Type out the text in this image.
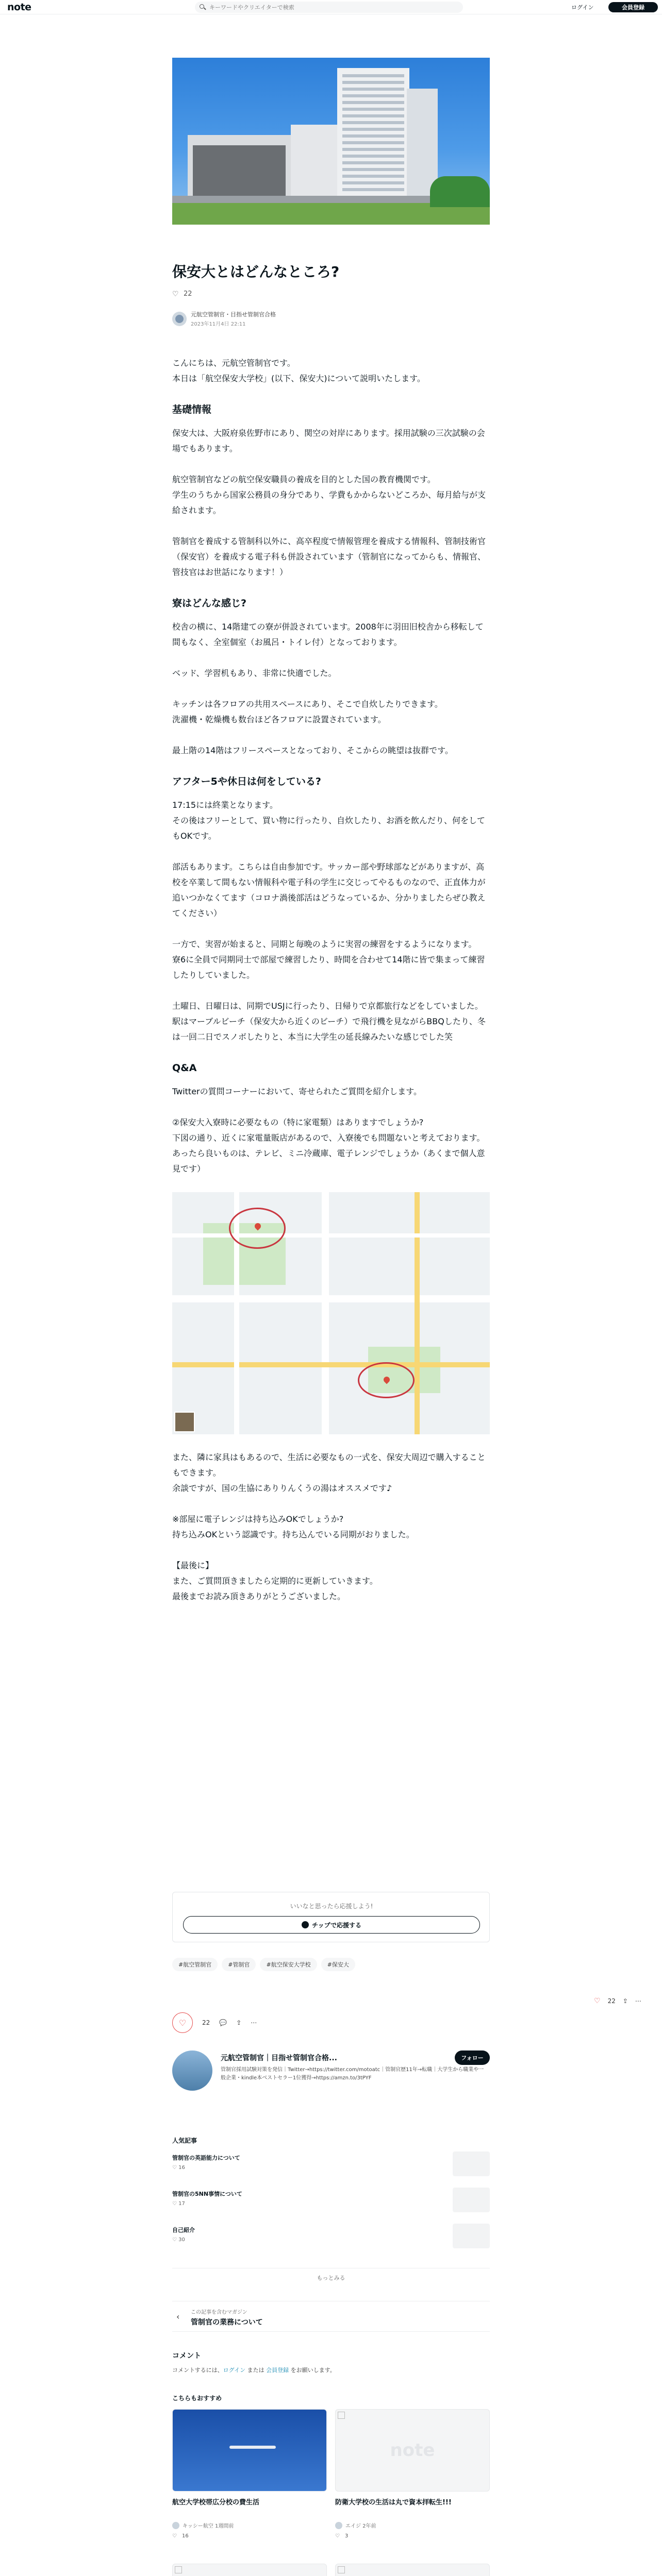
note
キーワードやクリエイターで検索	ログイン	会員登録
保安大とはどんなところ?
♡ 22
元航空管制官・目指せ管制官合格
2023年11月4日 22:11

こんにちは、元航空管制官です。
本日は「航空保安大学校」(以下、保安大)について説明いたします。

基礎情報

保安大は、大阪府泉佐野市にあり、関空の対岸にあります。採用試験の三次試験の会場でもあります。

航空管制官などの航空保安職員の養成を目的とした国の教育機関です。
学生のうちから国家公務員の身分であり、学費もかからないどころか、毎月給与が支給されます。

管制官を養成する管制科以外に、高卒程度で情報管理を養成する情報科、管制技術官（保安官）を養成する電子科も併設されています（管制官になってからも、情報官、管技官はお世話になります！）

寮はどんな感じ?

校舎の横に、14階建ての寮が併設されています。2008年に羽田旧校舎から移転して間もなく、全室個室（お風呂・トイレ付）となっております。

ベッド、学習机もあり、非常に快適でした。

キッチンは各フロアの共用スペースにあり、そこで自炊したりできます。
洗濯機・乾燥機も数台ほど各フロアに設置されています。

最上階の14階はフリースペースとなっており、そこからの眺望は抜群です。

アフター5や休日は何をしている?

17:15には終業となります。
その後はフリーとして、買い物に行ったり、自炊したり、お酒を飲んだり、何をしてもOKです。

部活もあります。こちらは自由参加です。サッカー部や野球部などがありますが、高校を卒業して間もない情報科や電子科の学生に交じってやるものなので、正直体力が追いつかなくてます（コロナ渦後部活はどうなっているか、分かりましたらぜひ教えてください）

一方で、実習が始まると、同期と毎晩のように実習の練習をするようになります。
寮6に全員で同期同士で部屋で練習したり、時間を合わせて14階に皆で集まって練習したりしていました。

土曜日、日曜日は、同期でUSJに行ったり、日帰りで京都旅行などをしていました。駅はマーブルビーチ（保安大から近くのビーチ）で飛行機を見ながらBBQしたり、冬は一回二日でスノボしたりと、本当に大学生の延長線みたいな感じでした笑

Q&A

Twitterの質問コーナーにおいて、寄せられたご質問を紹介します。

②保安大入寮時に必要なもの（特に家電類）はありますでしょうか?
下図の通り、近くに家電量販店があるので、入寮後でも問題ないと考えております。あったら良いものは、テレビ、ミニ冷蔵庫、電子レンジでしょうか（あくまで個人意見です）

また、隣に家具はもあるので、生活に必要なもの一式を、保安大周辺で購入することもできます。
余談ですが、国の生協にありりんくうの湯はオススメです♪

※部屋に電子レンジは持ち込みOKでしょうか?
持ち込みOKという認識です。持ち込んでいる同期がおりました。

【最後に】
また、ご質問頂きましたら定期的に更新していきます。
最後までお読み頂きありがとうございました。

いいなと思ったら応援しよう!
チップで応援する
#航空管制官	#管制官	#航空保安大学校	#保安大
♡ 22 ⇪ ⋯
♡	22 💬 ⇪ ⋯
元航空管制官｜目指せ管制官合格...
管制官採用試験対策を発信｜Twitter→https://twitter.com/motoatc｜管制官歴11年→転職｜大学生から職業や一般企業・kindle本ベストセラー1位獲得→https://amzn.to/3tPYF
フォロー
人気記事
管制官の英語能力について
♡ 16
管制官の5NN事情について
♡ 17
自己紹介
♡ 30
もっとみる
‹ この記事を含むマガジン
管制官の業務について
コメント
コメントするには、ログイン または 会員登録 をお願いします。
こちらもおすすめ
航空大学校帯広分校の費生活
キッシー航空 1週間前
♡ 16
note
防衛大学校の生活は丸で資本拝転生!!!
エイジ 2年前
♡ 3
